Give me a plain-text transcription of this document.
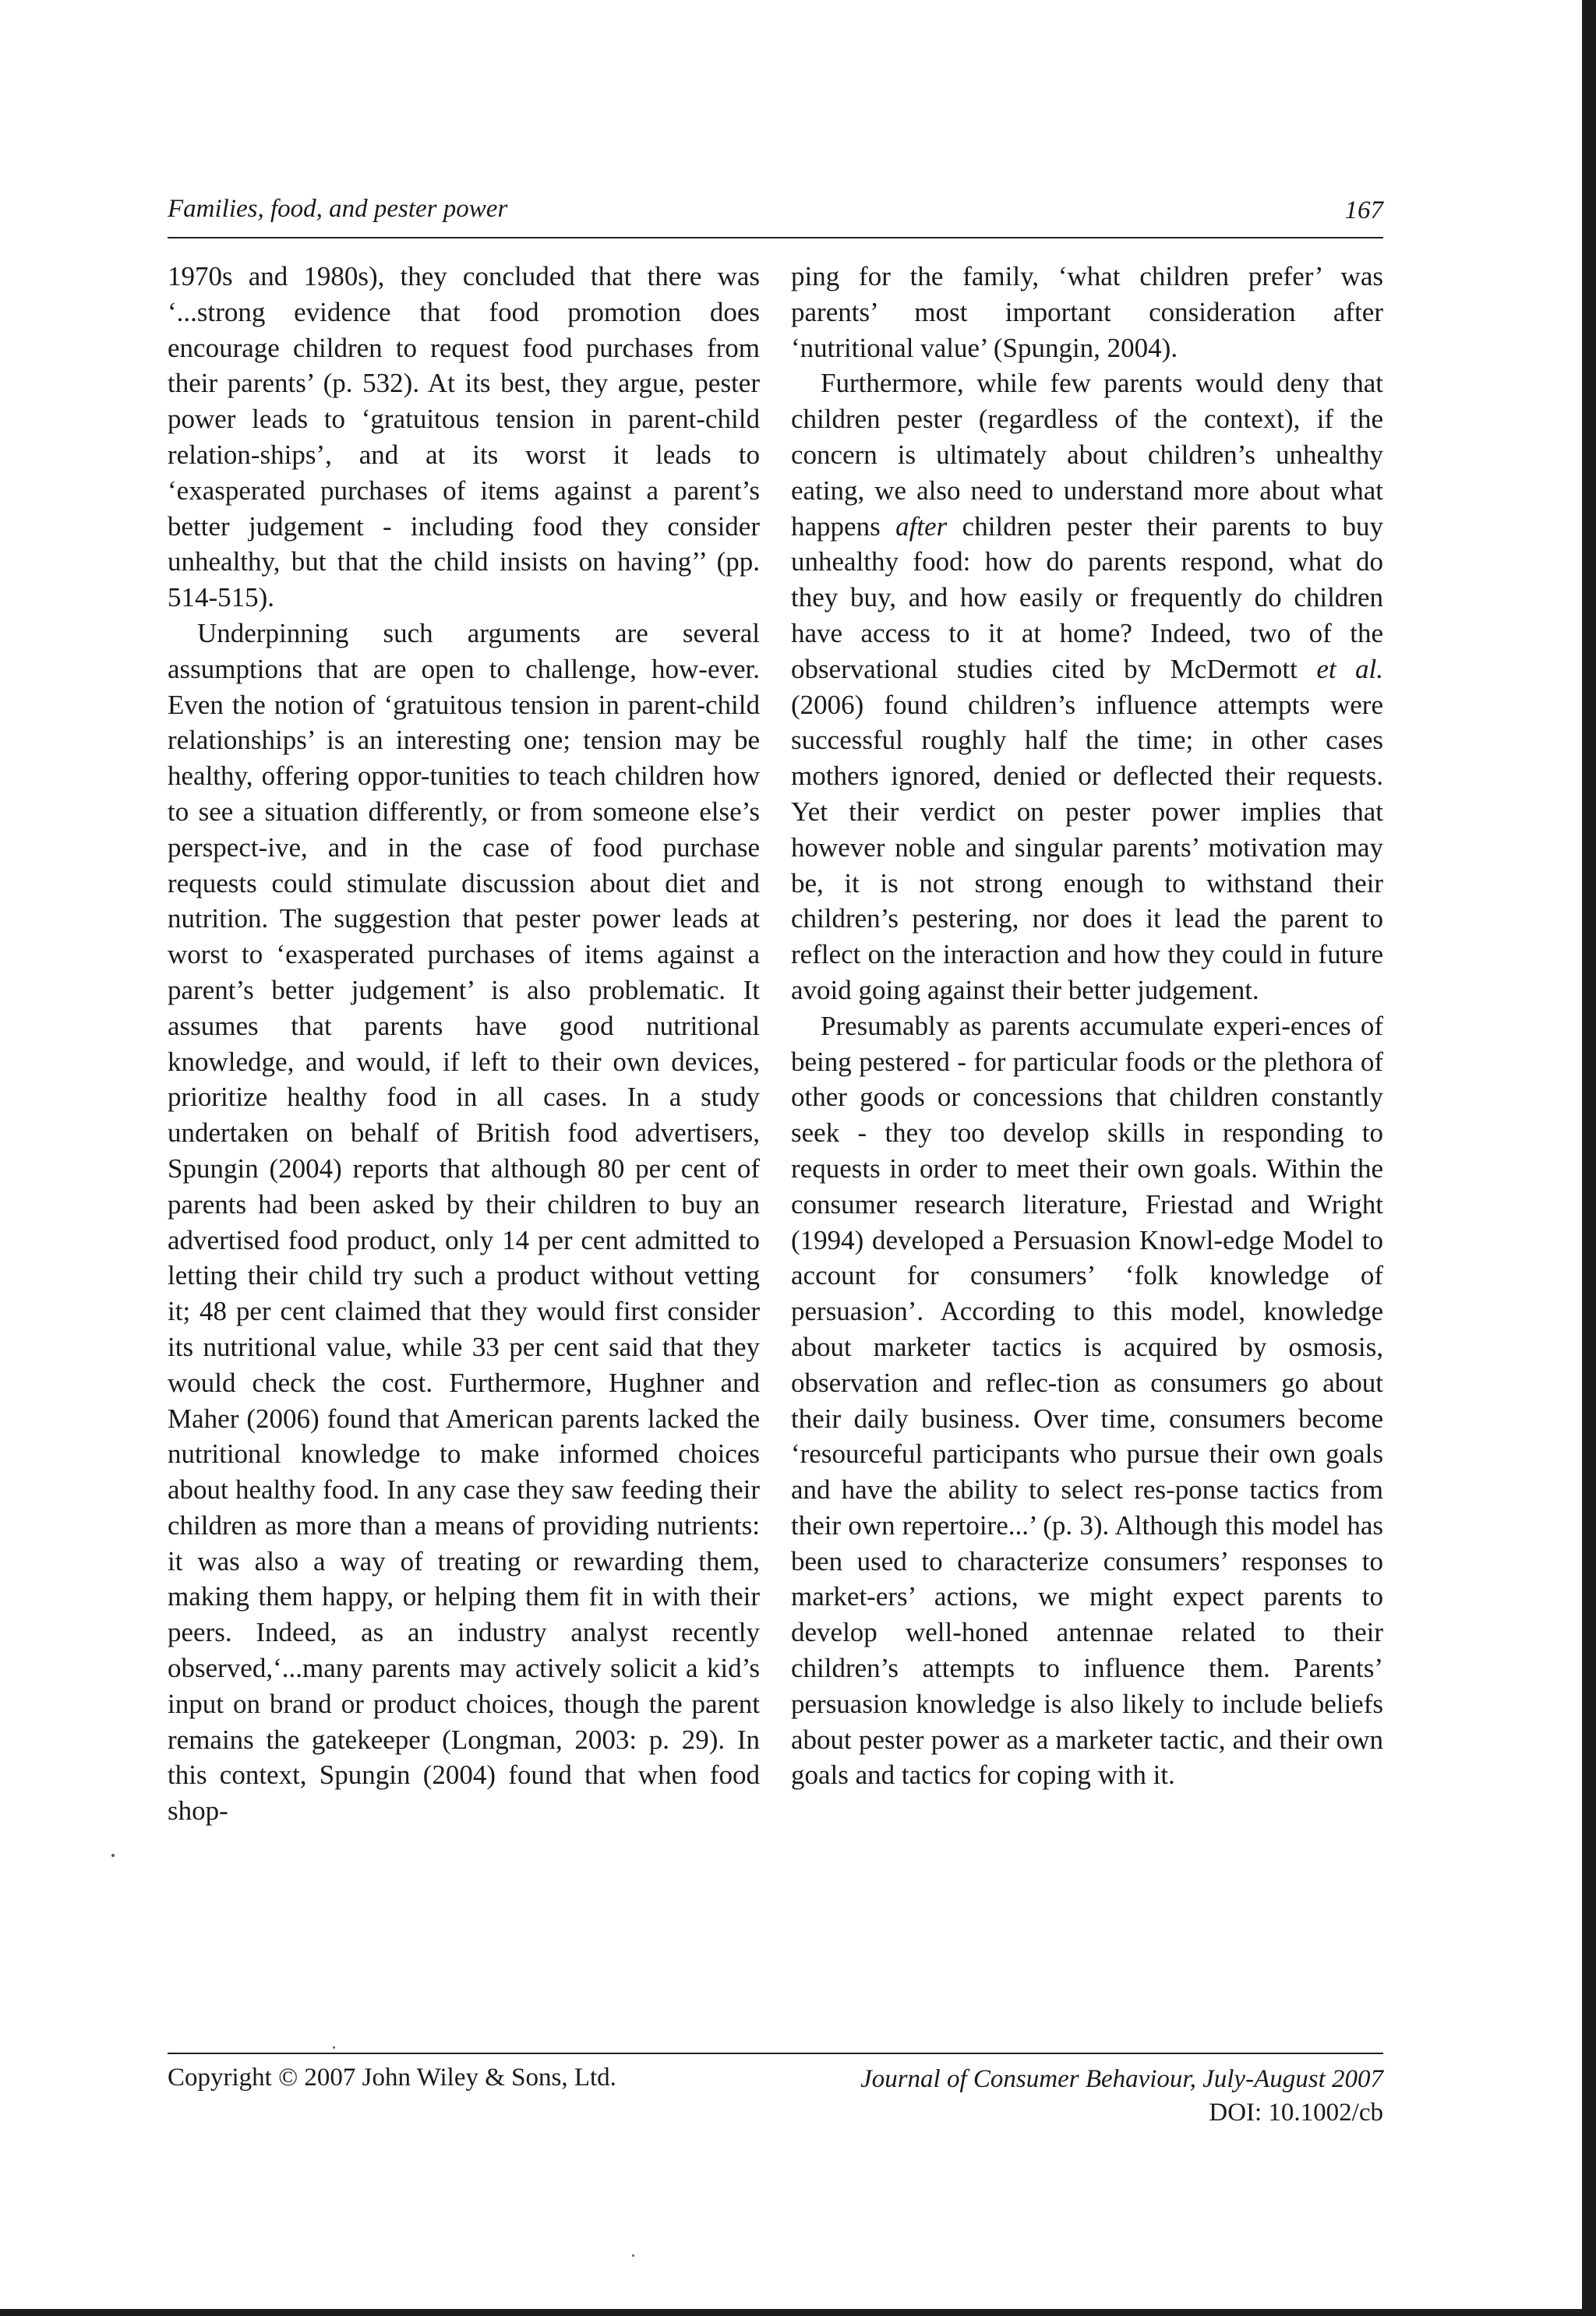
Families, food, and pester power	167

1970s and 1980s), they concluded that there was ‘...strong evidence that food promotion does encourage children to request food purchases from their parents’ (p. 532). At its best, they argue, pester power leads to ‘gratuitous tension in parent-child relation-ships’, and at its worst it leads to ‘exasperated purchases of items against a parent’s better judgement - including food they consider unhealthy, but that the child insists on having’’ (pp. 514-515).

Underpinning such arguments are several assumptions that are open to challenge, how-ever. Even the notion of ‘gratuitous tension in parent-child relationships’ is an interesting one; tension may be healthy, offering oppor-tunities to teach children how to see a situation differently, or from someone else’s perspect-ive, and in the case of food purchase requests could stimulate discussion about diet and nutrition. The suggestion that pester power leads at worst to ‘exasperated purchases of items against a parent’s better judgement’ is also problematic. It assumes that parents have good nutritional knowledge, and would, if left to their own devices, prioritize healthy food in all cases. In a study undertaken on behalf of British food advertisers, Spungin (2004) reports that although 80 per cent of parents had been asked by their children to buy an advertised food product, only 14 per cent admitted to letting their child try such a product without vetting it; 48 per cent claimed that they would first consider its nutritional value, while 33 per cent said that they would check the cost. Furthermore, Hughner and Maher (2006) found that American parents lacked the nutritional knowledge to make informed choices about healthy food. In any case they saw feeding their children as more than a means of providing nutrients: it was also a way of treating or rewarding them, making them happy, or helping them fit in with their peers. Indeed, as an industry analyst recently observed,‘...many parents may actively solicit a kid’s input on brand or product choices, though the parent remains the gatekeeper (Longman, 2003: p. 29). In this context, Spungin (2004) found that when food shop-

ping for the family, ‘what children prefer’ was parents’ most important consideration after ‘nutritional value’ (Spungin, 2004).

Furthermore, while few parents would deny that children pester (regardless of the context), if the concern is ultimately about children’s unhealthy eating, we also need to understand more about what happens after children pester their parents to buy unhealthy food: how do parents respond, what do they buy, and how easily or frequently do children have access to it at home? Indeed, two of the observational studies cited by McDermott et al. (2006) found children’s influence attempts were successful roughly half the time; in other cases mothers ignored, denied or deflected their requests. Yet their verdict on pester power implies that however noble and singular parents’ motivation may be, it is not strong enough to withstand their children’s pestering, nor does it lead the parent to reflect on the interaction and how they could in future avoid going against their better judgement.

Presumably as parents accumulate experi-ences of being pestered - for particular foods or the plethora of other goods or concessions that children constantly seek - they too develop skills in responding to requests in order to meet their own goals. Within the consumer research literature, Friestad and Wright (1994) developed a Persuasion Knowl-edge Model to account for consumers’ ‘folk knowledge of persuasion’. According to this model, knowledge about marketer tactics is acquired by osmosis, observation and reflec-tion as consumers go about their daily business. Over time, consumers become ‘resourceful participants who pursue their own goals and have the ability to select res-ponse tactics from their own repertoire...’ (p. 3). Although this model has been used to characterize consumers’ responses to market-ers’ actions, we might expect parents to develop well-honed antennae related to their children’s attempts to influence them. Parents’ persuasion knowledge is also likely to include beliefs about pester power as a marketer tactic, and their own goals and tactics for coping with it.

Copyright © 2007 John Wiley & Sons, Ltd.	Journal of Consumer Behaviour, July-August 2007
DOI: 10.1002/cb
